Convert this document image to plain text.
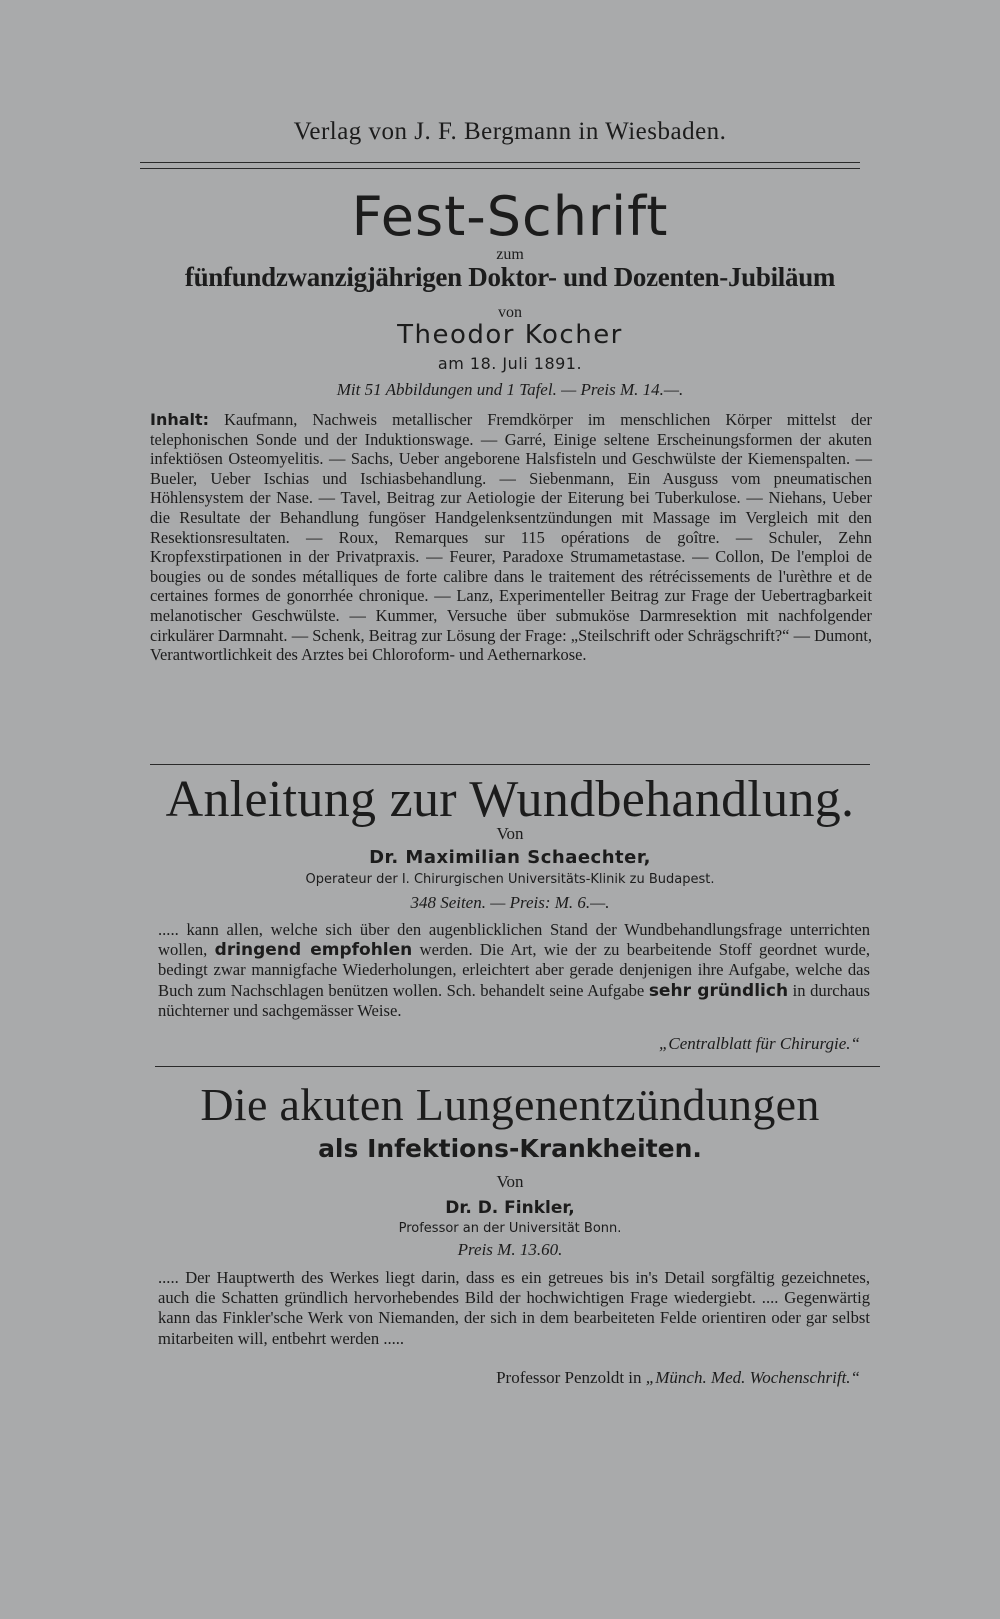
Verlag von J. F. Bergmann in Wiesbaden.
Fest-Schrift
zum
fünfundzwanzigjährigen Doktor- und Dozenten-Jubiläum
von
Theodor Kocher
am 18. Juli 1891.
Mit 51 Abbildungen und 1 Tafel. — Preis M. 14.—.
Inhalt: Kaufmann, Nachweis metallischer Fremdkörper im menschlichen Körper mittelst der telephonischen Sonde und der Induktionswage. — Garré, Einige seltene Erscheinungsformen der akuten infektiösen Osteomyelitis. — Sachs, Ueber angeborene Halsfisteln und Geschwülste der Kiemenspalten. — Bueler, Ueber Ischias und Ischiasbehandlung. — Siebenmann, Ein Ausguss vom pneumatischen Höhlensystem der Nase. — Tavel, Beitrag zur Aetiologie der Eiterung bei Tuberkulose. — Niehans, Ueber die Resultate der Behandlung fungöser Handgelenksentzündungen mit Massage im Vergleich mit den Resektionsresultaten. — Roux, Remarques sur 115 opérations de goître. — Schuler, Zehn Kropfexstirpationen in der Privatpraxis. — Feurer, Paradoxe Strumametastase. — Collon, De l'emploi de bougies ou de sondes métalliques de forte calibre dans le traitement des rétrécissements de l'urèthre et de certaines formes de gonorrhée chronique. — Lanz, Experimenteller Beitrag zur Frage der Uebertragbarkeit melanotischer Geschwülste. — Kummer, Versuche über submuköse Darmresektion mit nachfolgender cirkulärer Darmnaht. — Schenk, Beitrag zur Lösung der Frage: „Steilschrift oder Schrägschrift?“ — Dumont, Verantwortlichkeit des Arztes bei Chloroform- und Aethernarkose.
Anleitung zur Wundbehandlung.
Von
Dr. Maximilian Schaechter,
Operateur der I. Chirurgischen Universitäts-Klinik zu Budapest.
348 Seiten. — Preis: M. 6.—.
..... kann allen, welche sich über den augenblicklichen Stand der Wundbehandlungsfrage unterrichten wollen, dringend empfohlen werden. Die Art, wie der zu bearbeitende Stoff geordnet wurde, bedingt zwar mannigfache Wiederholungen, erleichtert aber gerade denjenigen ihre Aufgabe, welche das Buch zum Nachschlagen benützen wollen. Sch. behandelt seine Aufgabe sehr gründlich in durchaus nüchterner und sachgemässer Weise.
„Centralblatt für Chirurgie.“
Die akuten Lungenentzündungen
als Infektions-Krankheiten.
Von
Dr. D. Finkler,
Professor an der Universität Bonn.
Preis M. 13.60.
..... Der Hauptwerth des Werkes liegt darin, dass es ein getreues bis in's Detail sorgfältig gezeichnetes, auch die Schatten gründlich hervorhebendes Bild der hochwichtigen Frage wiedergiebt. .... Gegenwärtig kann das Finkler'sche Werk von Niemanden, der sich in dem bearbeiteten Felde orientiren oder gar selbst mitarbeiten will, entbehrt werden .....
Professor Penzoldt in „Münch. Med. Wochenschrift.“
